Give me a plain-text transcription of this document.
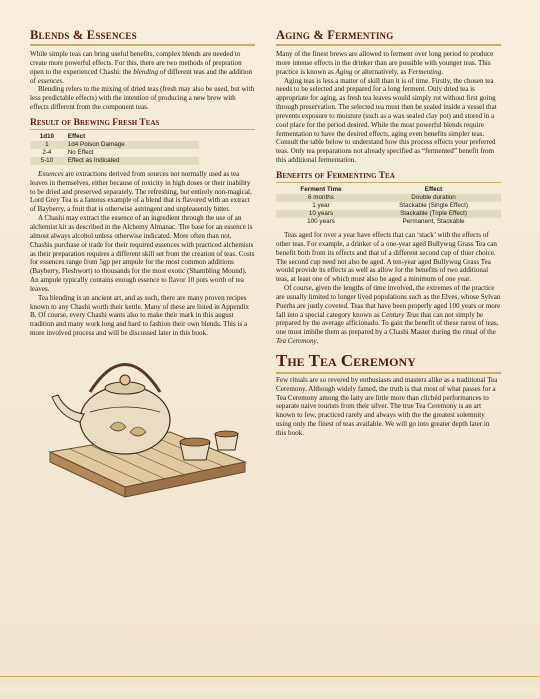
Blends & Essences

While simple teas can bring useful benefits, complex blends are needed to create more powerful effects. For this, there are two methods of prepration open to the experienced Chashi: the blending of different teas and the addition of essences.

Blending refers to the mixing of dried teas (fresh may also be used, but with less predictable effects) with the intention of producing a new brew with effects different from the component teas.

Result of Brewing Fresh Teas
1d10	Effect
1	1d4 Poison Damage
2-4	No Effect
5-10	Effect as Indicated

Essences are extractions derived from sources not normally used as tea leaves in themselves, either because of toxicity in high doses or their inability to be dried and preserved separately. The refreshing, but entirely non-magical, Lord Grey Tea is a famous example of a blend that is flavored with an extract of Bayberry, a fruit that is otherwise astringent and unpleasently bitter.

A Chashi may extract the essence of an ingredient through the use of an alchemist kit as described in the Alchemy Almanac. The base for an essence is almost always alcohol unless otherwise indicated. More often than not, Chashis purchase or trade for their required essences with practiced alchemists as their preparation requires a different skill set from the creation of teas. Costs for essences range from 5gp per ampule for the most common additions (Bayberry, Fleshwort) to thousands for the most exotic (Shambling Mound). An ampule typically contains enough essence to flavor 10 pots worth of tea leaves.

Tea blending is an ancient art, and as such, there are many proven recipes known to any Chashi worth their kettle. Many of these are listed in Appendix B. Of course, every Chashi wants also to make their mark in this august tradition and many work long and hard to fashion their own blends. This is a more involved process and will be discussed later in this book.

Aging & Fermenting

Many of the finest brews are allowed to ferment over long period to produce more intense effects in the drinker than are possible with younger teas. This practice is known as Aging or alternatively, as Fermenting.

Aging teas is less a matter of skill than it is of time. Firstly, the chosen tea needs to be selected and prepared for a long ferment. Only dried tea is appropriate for aging, as fresh tea leaves would simply rot without first going through preservation. The selected tea must then be sealed inside a vessel that prevents exposure to moisture (such as a wax sealed clay pot) and stored in a cool place for the period desired. While the most powerful blends require fermentation to have the desired effects, aging even benefits simpler teas. Consult the table below to understand how this process effects your preferred teas. Only tea preparations not already specified as “fermented” benefit from this additional fermentation.

Benefits of Fermenting Tea
Ferment Time	Effect
6 months	Double duration
1 year	Stackable (Single Effect)
10 years	Stackable (Triple Effect)
100 years	Permanent, Stackable

Teas aged for over a year have effects that can ‘stack’ with the effects of other teas. For example, a drinker of a one-year aged Bullywug Grass Tea can benefit both from its effects and that of a different second cup of thier choice. The second cup need not also be aged. A ten-year aged Bullywug Grass Tea would provide its effects as well as allow for the benefits of two additional teas, at least one of which must also be aged a minimum of one year.

Of course, given the lengths of time involved, the extremes of the practice are usually limited to longer lived populations such as the Elves, whose Sylvan Puerhs are justly coveted. Teas that have been properly aged 100 years or more fall into a special category known as Century Teas that can not simply be prepared by the average afficionado. To gain the benefit of these rarest of teas, one must imbibe them as prepared by a Chashi Master during the ritual of the Tea Ceremony.

The Tea Ceremony

Few rituals are so revered by enthusiasts and masters alike as a traditional Tea Ceremony. Although widely famed, the truth is that most of what passes for a Tea Ceremony among the laity are little more than clichéd performances to separate naive tourists from their silver. The true Tea Ceremony is an art known to few, practiced rarely and always with the the greatest solemnity using only the finest of teas available. We will go into greater depth later in this book.
